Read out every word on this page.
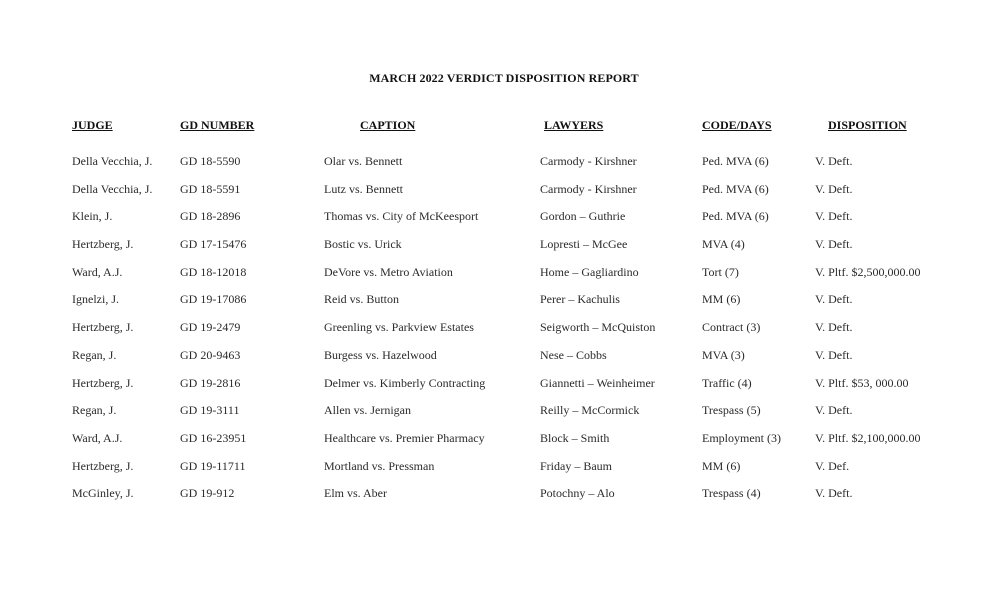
MARCH 2022 VERDICT DISPOSITION REPORT
JUDGE	GD NUMBER	CAPTION	LAWYERS	CODE/DAYS	DISPOSITION
Della Vecchia, J. GD 18-5590	Olar vs. Bennett	Carmody - Kirshner	Ped. MVA (6)	V. Deft.
Della Vecchia, J. GD 18-5591	Lutz vs. Bennett	Carmody - Kirshner	Ped. MVA (6)	V. Deft.
Klein, J.	GD 18-2896	Thomas vs. City of McKeesport	Gordon – Guthrie	Ped. MVA (6)	V. Deft.
Hertzberg, J.	GD 17-15476	Bostic vs. Urick	Lopresti – McGee	MVA (4)	V. Deft.
Ward, A.J.	GD 18-12018	DeVore vs. Metro Aviation	Home – Gagliardino	Tort (7)	V. Pltf. $2,500,000.00
Ignelzi, J.	GD 19-17086	Reid vs. Button	Perer – Kachulis	MM (6)	V. Deft.
Hertzberg, J.	GD 19-2479	Greenling vs. Parkview Estates	Seigworth – McQuiston	Contract (3)	V. Deft.
Regan, J.	GD 20-9463	Burgess vs. Hazelwood	Nese – Cobbs	MVA (3)	V. Deft.
Hertzberg, J.	GD 19-2816	Delmer vs. Kimberly Contracting	Giannetti – Weinheimer	Traffic (4)	V. Pltf. $53, 000.00
Regan, J.	GD 19-3111	Allen vs. Jernigan	Reilly – McCormick	Trespass (5)	V. Deft.
Ward, A.J.	GD 16-23951	Healthcare vs. Premier Pharmacy	Block – Smith	Employment (3)	V. Pltf. $2,100,000.00
Hertzberg, J.	GD 19-11711	Mortland vs. Pressman	Friday – Baum	MM (6)	V. Def.
McGinley, J.	GD 19-912	Elm vs. Aber	Potochny – Alo	Trespass (4)	V. Deft.
